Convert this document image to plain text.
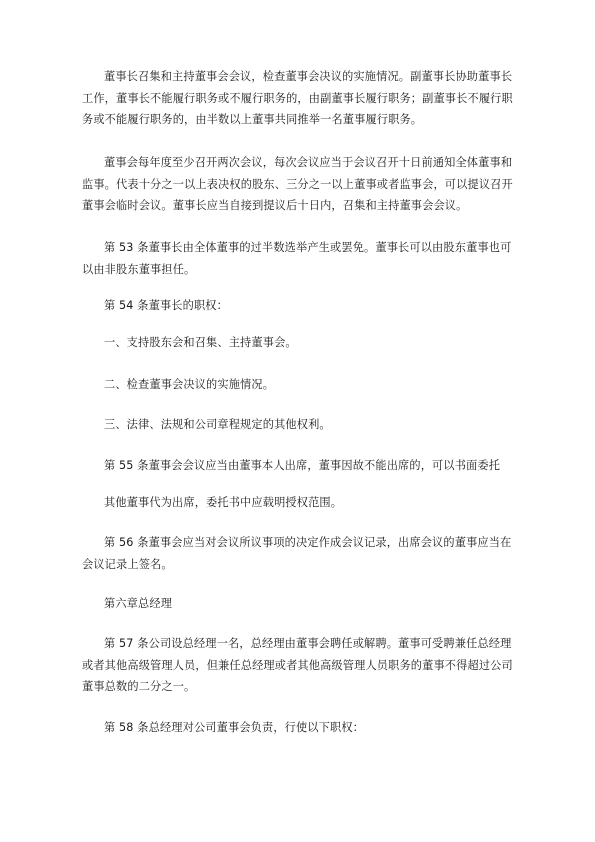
董事长召集和主持董事会会议，检查董事会决议的实施情况。副董事长协助董事长工作，董事长不能履行职务或不履行职务的，由副董事长履行职务；副董事长不履行职务或不能履行职务的，由半数以上董事共同推举一名董事履行职务。

董事会每年度至少召开两次会议，每次会议应当于会议召开十日前通知全体董事和监事。代表十分之一以上表决权的股东、三分之一以上董事或者监事会，可以提议召开董事会临时会议。董事长应当自接到提议后十日内，召集和主持董事会会议。

第 53 条董事长由全体董事的过半数选举产生或罢免。董事长可以由股东董事也可以由非股东董事担任。

第 54 条董事长的职权：

一、支持股东会和召集、主持董事会。

二、检查董事会决议的实施情况。

三、法律、法规和公司章程规定的其他权利。

第 55 条董事会会议应当由董事本人出席，董事因故不能出席的，可以书面委托

其他董事代为出席，委托书中应载明授权范围。

第 56 条董事会应当对会议所议事项的决定作成会议记录，出席会议的董事应当在会议记录上签名。

第六章总经理

第 57 条公司设总经理一名，总经理由董事会聘任或解聘。董事可受聘兼任总经理或者其他高级管理人员，但兼任总经理或者其他高级管理人员职务的董事不得超过公司董事总数的二分之一。

第 58 条总经理对公司董事会负责，行使以下职权：
